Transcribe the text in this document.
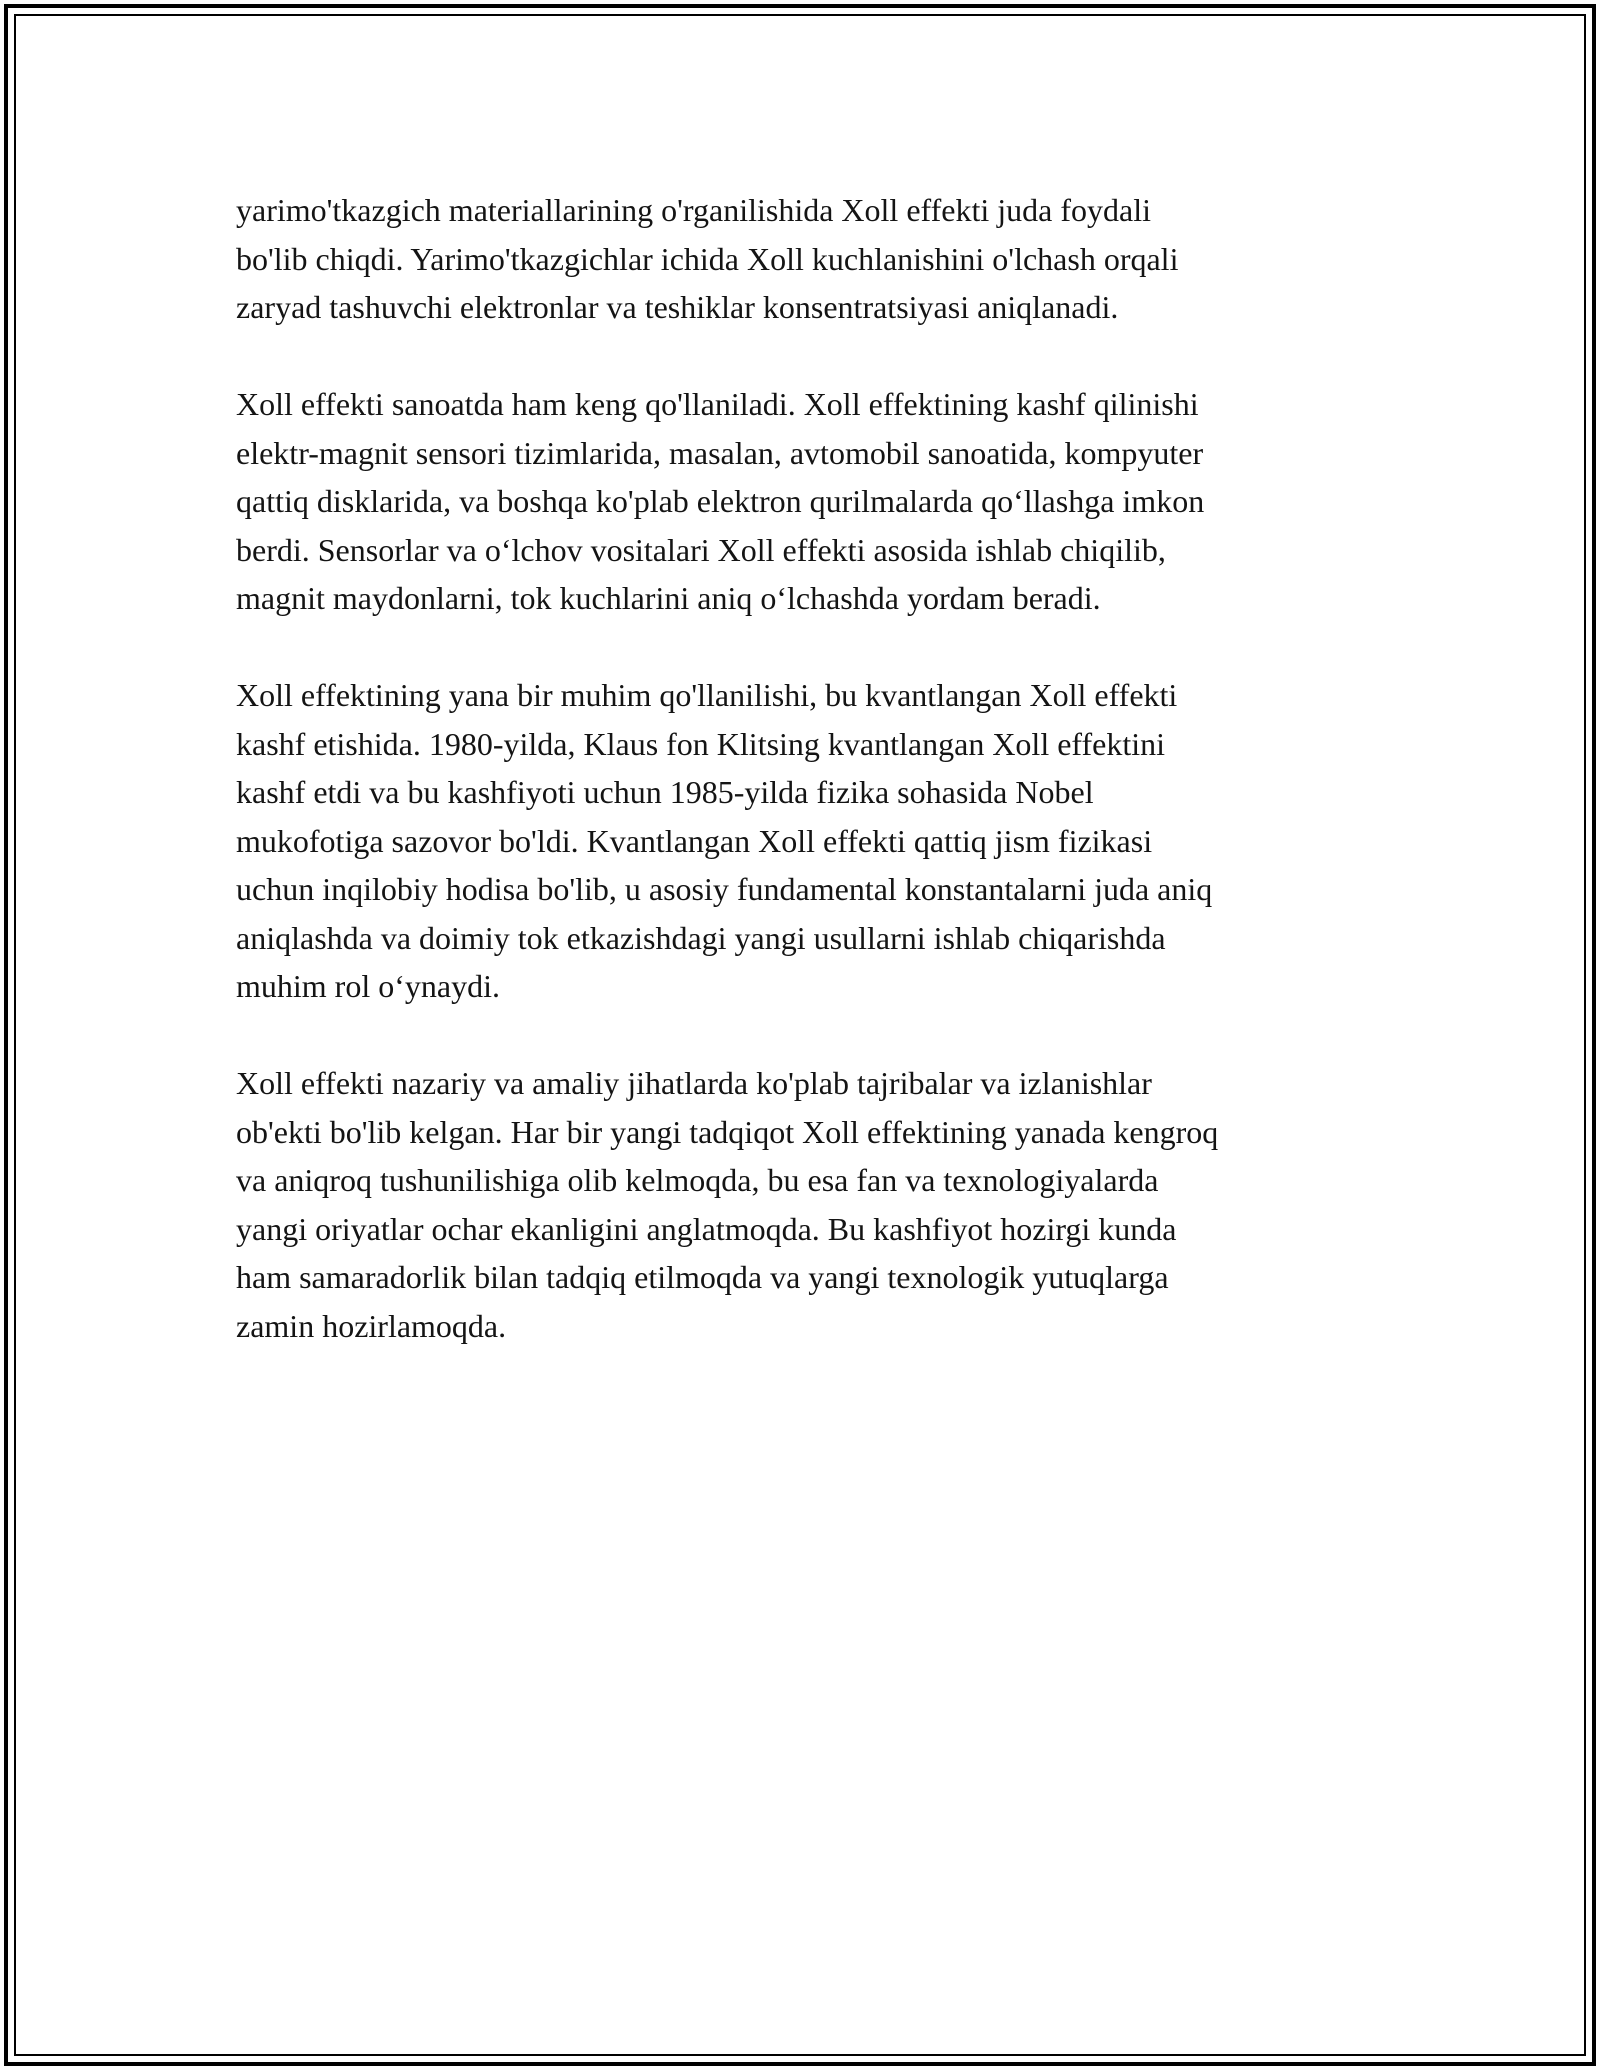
yarimo'tkazgich materiallarining o'rganilishida Xoll effekti juda foydali
bo'lib chiqdi. Yarimo'tkazgichlar ichida Xoll kuchlanishini o'lchash orqali
zaryad tashuvchi elektronlar va teshiklar konsentratsiyasi aniqlanadi.

Xoll effekti sanoatda ham keng qo'llaniladi. Xoll effektining kashf qilinishi
elektr-magnit sensori tizimlarida, masalan, avtomobil sanoatida, kompyuter
qattiq disklarida, va boshqa ko'plab elektron qurilmalarda qo‘llashga imkon
berdi. Sensorlar va o‘lchov vositalari Xoll effekti asosida ishlab chiqilib,
magnit maydonlarni, tok kuchlarini aniq o‘lchashda yordam beradi.

Xoll effektining yana bir muhim qo'llanilishi, bu kvantlangan Xoll effekti
kashf etishida. 1980-yilda, Klaus fon Klitsing kvantlangan Xoll effektini
kashf etdi va bu kashfiyoti uchun 1985-yilda fizika sohasida Nobel
mukofotiga sazovor bo'ldi. Kvantlangan Xoll effekti qattiq jism fizikasi
uchun inqilobiy hodisa bo'lib, u asosiy fundamental konstantalarni juda aniq
aniqlashda va doimiy tok etkazishdagi yangi usullarni ishlab chiqarishda
muhim rol o‘ynaydi.

Xoll effekti nazariy va amaliy jihatlarda ko'plab tajribalar va izlanishlar
ob'ekti bo'lib kelgan. Har bir yangi tadqiqot Xoll effektining yanada kengroq
va aniqroq tushunilishiga olib kelmoqda, bu esa fan va texnologiyalarda
yangi oriyatlar ochar ekanligini anglatmoqda. Bu kashfiyot hozirgi kunda
ham samaradorlik bilan tadqiq etilmoqda va yangi texnologik yutuqlarga
zamin hozirlamoqda.
